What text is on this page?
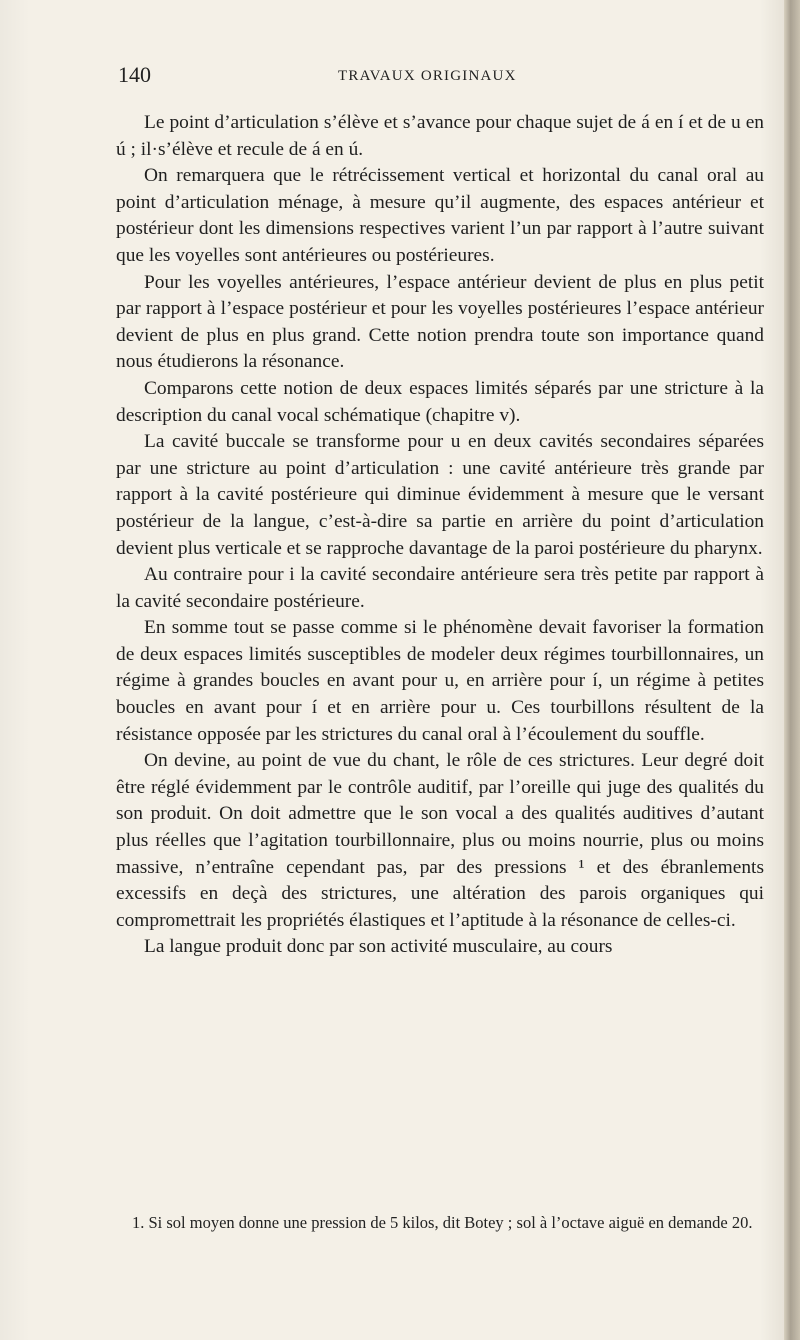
140	TRAVAUX ORIGINAUX

Le point d’articulation s’élève et s’avance pour chaque sujet de á en í et de u en ú ; il·s’élève et recule de á en ú.

On remarquera que le rétrécissement vertical et horizontal du canal oral au point d’articulation ménage, à mesure qu’il augmente, des espaces antérieur et postérieur dont les dimensions respectives varient l’un par rapport à l’autre suivant que les voyelles sont antérieures ou postérieures.

Pour les voyelles antérieures, l’espace antérieur devient de plus en plus petit par rapport à l’espace postérieur et pour les voyelles postérieures l’espace antérieur devient de plus en plus grand. Cette notion prendra toute son importance quand nous étudierons la résonance.

Comparons cette notion de deux espaces limités séparés par une stricture à la description du canal vocal schématique (chapitre v).

La cavité buccale se transforme pour u en deux cavités secondaires séparées par une stricture au point d’articulation : une cavité antérieure très grande par rapport à la cavité postérieure qui diminue évidemment à mesure que le versant postérieur de la langue, c’est-à-dire sa partie en arrière du point d’articulation devient plus verticale et se rapproche davantage de la paroi postérieure du pharynx.

Au contraire pour i la cavité secondaire antérieure sera très petite par rapport à la cavité secondaire postérieure.

En somme tout se passe comme si le phénomène devait favoriser la formation de deux espaces limités susceptibles de modeler deux régimes tourbillonnaires, un régime à grandes boucles en avant pour u, en arrière pour í, un régime à petites boucles en avant pour í et en arrière pour u. Ces tourbillons résultent de la résistance opposée par les strictures du canal oral à l’écoulement du souffle.

On devine, au point de vue du chant, le rôle de ces strictures. Leur degré doit être réglé évidemment par le contrôle auditif, par l’oreille qui juge des qualités du son produit. On doit admettre que le son vocal a des qualités auditives d’autant plus réelles que l’agitation tourbillonnaire, plus ou moins nourrie, plus ou moins massive, n’entraîne cependant pas, par des pressions ¹ et des ébranlements excessifs en deçà des strictures, une altération des parois organiques qui compromettrait les propriétés élastiques et l’aptitude à la résonance de celles-ci.

La langue produit donc par son activité musculaire, au cours

1. Si sol moyen donne une pression de 5 kilos, dit Botey ; sol à l’octave aiguë en demande 20.
